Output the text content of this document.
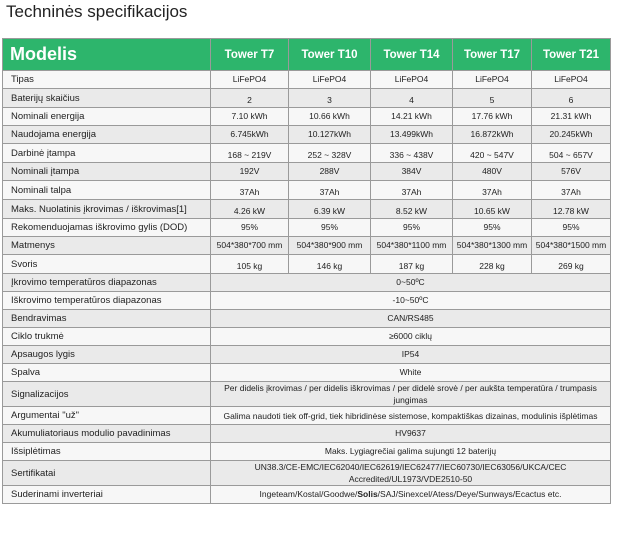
Techninės specifikacijos
Modelis	Tower T7	Tower T10	Tower T14	Tower T17	Tower T21
Tipas	LiFePO4	LiFePO4	LiFePO4	LiFePO4	LiFePO4
Baterijų skaičius	2	3	4	5	6
Nominali energija	7.10 kWh	10.66 kWh	14.21 kWh	17.76 kWh	21.31 kWh
Naudojama energija	6.745kWh	10.127kWh	13.499kWh	16.872kWh	20.245kWh
Darbinė įtampa	168 ~ 219V	252 ~ 328V	336 ~ 438V	420 ~ 547V	504 ~ 657V
Nominali įtampa	192V	288V	384V	480V	576V
Nominali talpa	37Ah	37Ah	37Ah	37Ah	37Ah
Maks. Nuolatinis įkrovimas / iškrovimas[1]	4.26 kW	6.39 kW	8.52 kW	10.65 kW	12.78 kW
Rekomenduojamas iškrovimo gylis (DOD)	95%	95%	95%	95%	95%
Matmenys	504*380*700 mm	504*380*900 mm	504*380*1100 mm	504*380*1300 mm	504*380*1500 mm
Svoris	105 kg	146 kg	187 kg	228 kg	269 kg
Įkrovimo temperatūros diapazonas	0~50ºC				
Iškrovimo temperatūros diapazonas	-10~50ºC				
Bendravimas	CAN/RS485				
Ciklo trukmė	≥6000 ciklų				
Apsaugos lygis	IP54				
Spalva	White				
Signalizacijos	Per didelis įkrovimas / per didelis iškrovimas / per didelė srovė / per aukšta temperatūra / trumpasis jungimas				
Argumentai "už"	Galima naudoti tiek off-grid, tiek hibridinėse sistemose, kompaktiškas dizainas, modulinis išplėtimas				
Akumuliatoriaus modulio pavadinimas	HV9637				
Išsiplėtimas	Maks. Lygiagrečiai galima sujungti 12 baterijų				
Sertifikatai	UN38.3/CE-EMC/IEC62040/IEC62619/IEC62477/IEC60730/IEC63056/UKCA/CEC Accredited/UL1973/VDE2510-50				
Suderinami inverteriai	Ingeteam/Kostal/Goodwe/Solis/SAJ/Sinexcel/Atess/Deye/Sunways/Ecactus etc.				
